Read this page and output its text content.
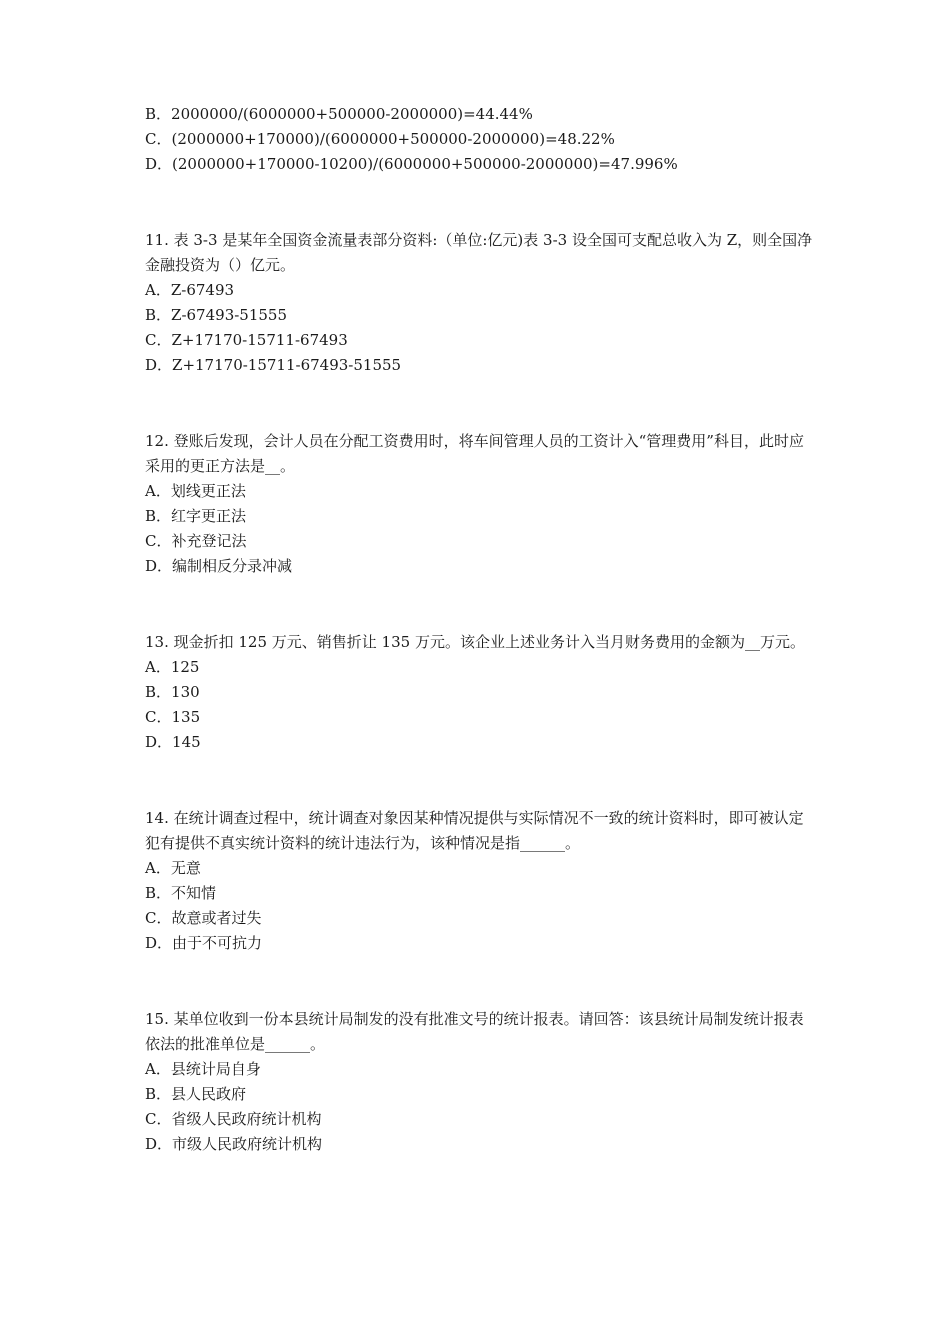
B．2000000/(6000000+500000-2000000)=44.44%
C．(2000000+170000)/(6000000+500000-2000000)=48.22%
D．(2000000+170000-10200)/(6000000+500000-2000000)=47.996%
11. 表 3-3 是某年全国资金流量表部分资料:（单位:亿元)表 3-3 设全国可支配总收入为 Z，则全国净金融投资为（）亿元。
A．Z-67493
B．Z-67493-51555
C．Z+17170-15711-67493
D．Z+17170-15711-67493-51555
12. 登账后发现，会计人员在分配工资费用时，将车间管理人员的工资计入“管理费用”科目，此时应采用的更正方法是__。
A．划线更正法
B．红字更正法
C．补充登记法
D．编制相反分录冲减
13. 现金折扣 125 万元、销售折让 135 万元。该企业上述业务计入当月财务费用的金额为__万元。
A．125
B．130
C．135
D．145
14. 在统计调查过程中，统计调查对象因某种情况提供与实际情况不一致的统计资料时，即可被认定犯有提供不真实统计资料的统计违法行为，该种情况是指______。
A．无意
B．不知情
C．故意或者过失
D．由于不可抗力
15. 某单位收到一份本县统计局制发的没有批准文号的统计报表。请回答：该县统计局制发统计报表依法的批准单位是______。
A．县统计局自身
B．县人民政府
C．省级人民政府统计机构
D．市级人民政府统计机构
